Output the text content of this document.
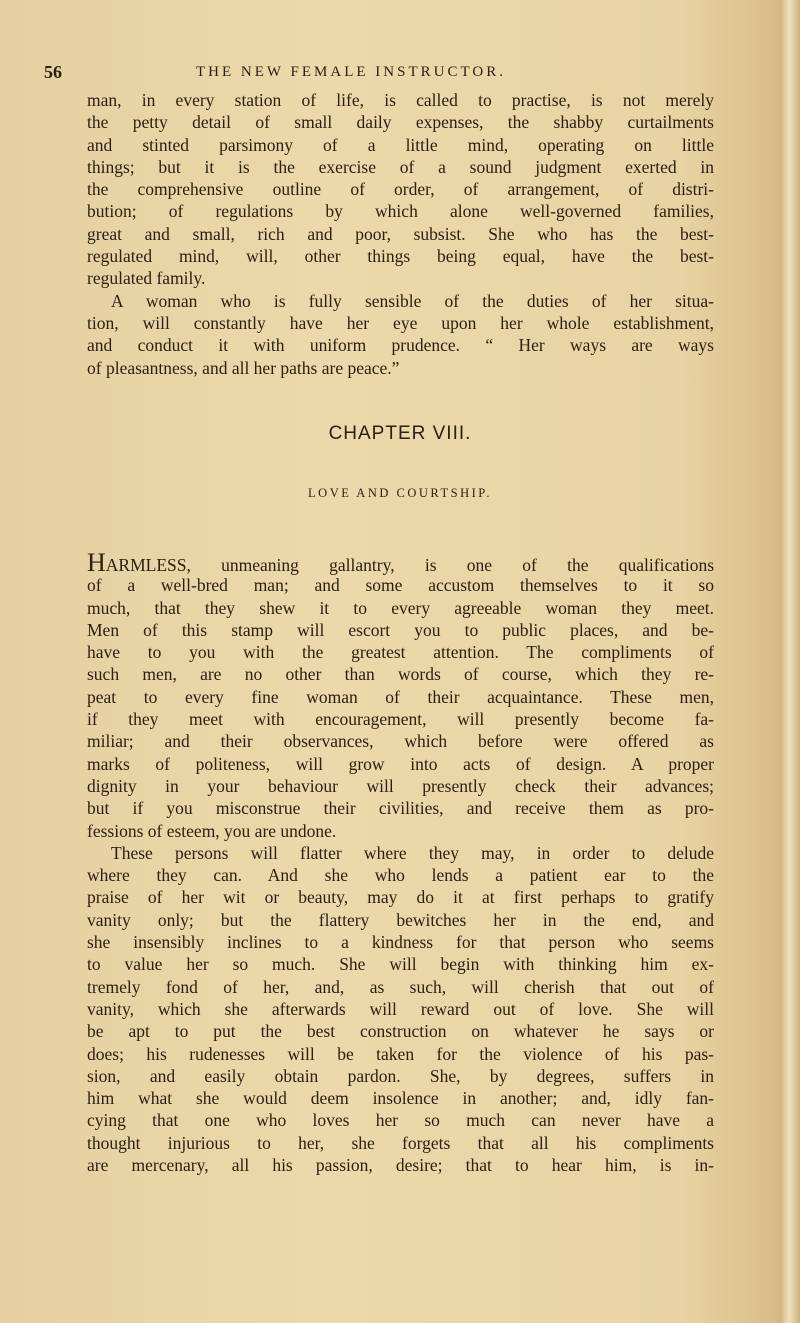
56	THE NEW FEMALE INSTRUCTOR.
man, in every station of life, is called to practise, is not merely
the petty detail of small daily expenses, the shabby curtailments
and stinted parsimony of a little mind, operating on little
things; but it is the exercise of a sound judgment exerted in
the comprehensive outline of order, of arrangement, of distri-
bution; of regulations by which alone well-governed families,
great and small, rich and poor, subsist. She who has the best-
regulated mind, will, other things being equal, have the best-
regulated family.
A woman who is fully sensible of the duties of her situa-
tion, will constantly have her eye upon her whole establishment,
and conduct it with uniform prudence. “ Her ways are ways
of pleasantness, and all her paths are peace.”
CHAPTER VIII.
LOVE AND COURTSHIP.
HARMLESS, unmeaning gallantry, is one of the qualifications
of a well-bred man; and some accustom themselves to it so
much, that they shew it to every agreeable woman they meet.
Men of this stamp will escort you to public places, and be-
have to you with the greatest attention. The compliments of
such men, are no other than words of course, which they re-
peat to every fine woman of their acquaintance. These men,
if they meet with encouragement, will presently become fa-
miliar; and their observances, which before were offered as
marks of politeness, will grow into acts of design. A proper
dignity in your behaviour will presently check their advances;
but if you misconstrue their civilities, and receive them as pro-
fessions of esteem, you are undone.
These persons will flatter where they may, in order to delude
where they can. And she who lends a patient ear to the
praise of her wit or beauty, may do it at first perhaps to gratify
vanity only; but the flattery bewitches her in the end, and
she insensibly inclines to a kindness for that person who seems
to value her so much. She will begin with thinking him ex-
tremely fond of her, and, as such, will cherish that out of
vanity, which she afterwards will reward out of love. She will
be apt to put the best construction on whatever he says or
does; his rudenesses will be taken for the violence of his pas-
sion, and easily obtain pardon. She, by degrees, suffers in
him what she would deem insolence in another; and, idly fan-
cying that one who loves her so much can never have a
thought injurious to her, she forgets that all his compliments
are mercenary, all his passion, desire; that to hear him, is in-
